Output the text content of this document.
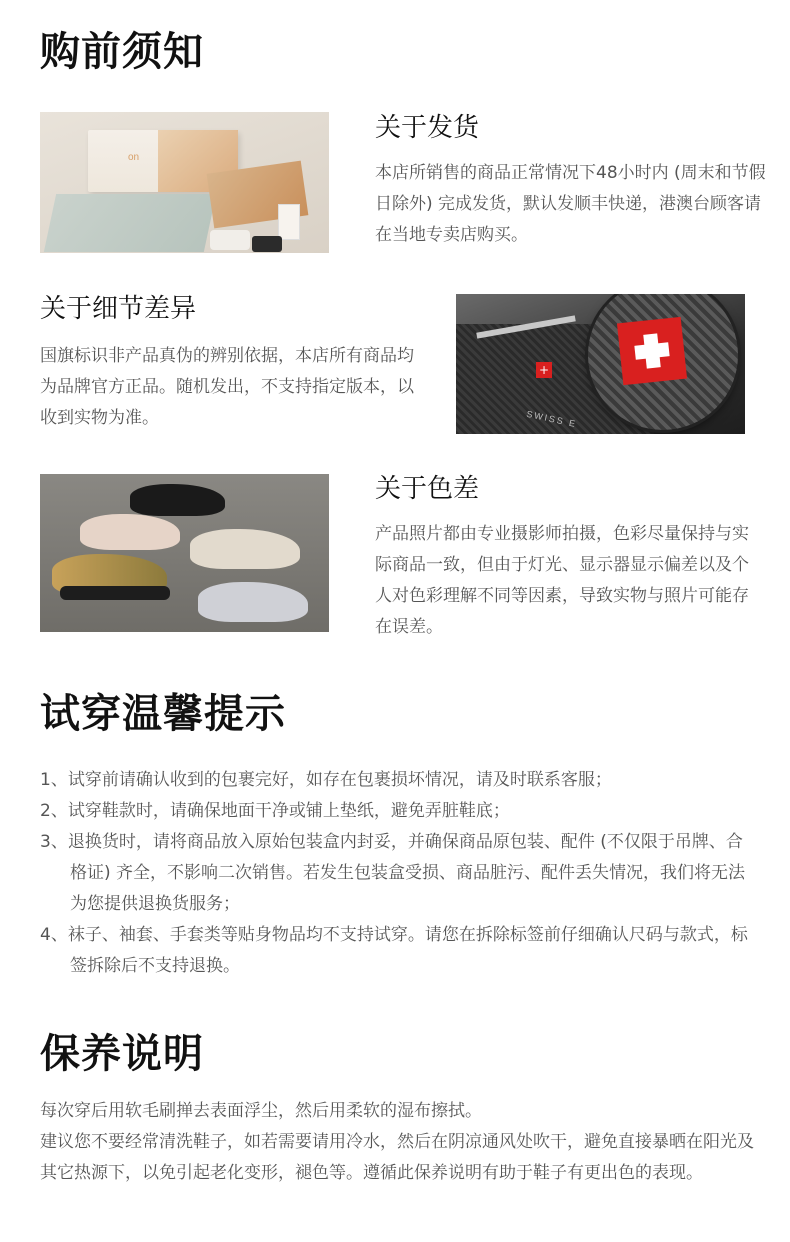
购前须知
on
关于发货
本店所销售的商品正常情况下48小时内 (周末和节假日除外) 完成发货，默认发顺丰快递，港澳台顾客请在当地专卖店购买。
关于细节差异
国旗标识非产品真伪的辨别依据，本店所有商品均为品牌官方正品。随机发出，不支持指定版本，以收到实物为准。
+
SWISS E
关于色差
产品照片都由专业摄影师拍摄，色彩尽量保持与实际商品一致，但由于灯光、显示器显示偏差以及个人对色彩理解不同等因素，导致实物与照片可能存在误差。
试穿温馨提示
1、试穿前请确认收到的包裹完好，如存在包裹损坏情况，请及时联系客服；
2、试穿鞋款时，请确保地面干净或铺上垫纸，避免弄脏鞋底；
3、退换货时，请将商品放入原始包装盒内封妥，并确保商品原包装、配件 (不仅限于吊牌、合格证) 齐全，不影响二次销售。若发生包装盒受损、商品脏污、配件丢失情况，我们将无法为您提供退换货服务；
4、袜子、袖套、手套类等贴身物品均不支持试穿。请您在拆除标签前仔细确认尺码与款式，标签拆除后不支持退换。
保养说明
每次穿后用软毛刷掸去表面浮尘，然后用柔软的湿布擦拭。
建议您不要经常清洗鞋子，如若需要请用冷水，然后在阴凉通风处吹干，避免直接暴晒在阳光及其它热源下，以免引起老化变形，褪色等。遵循此保养说明有助于鞋子有更出色的表现。
